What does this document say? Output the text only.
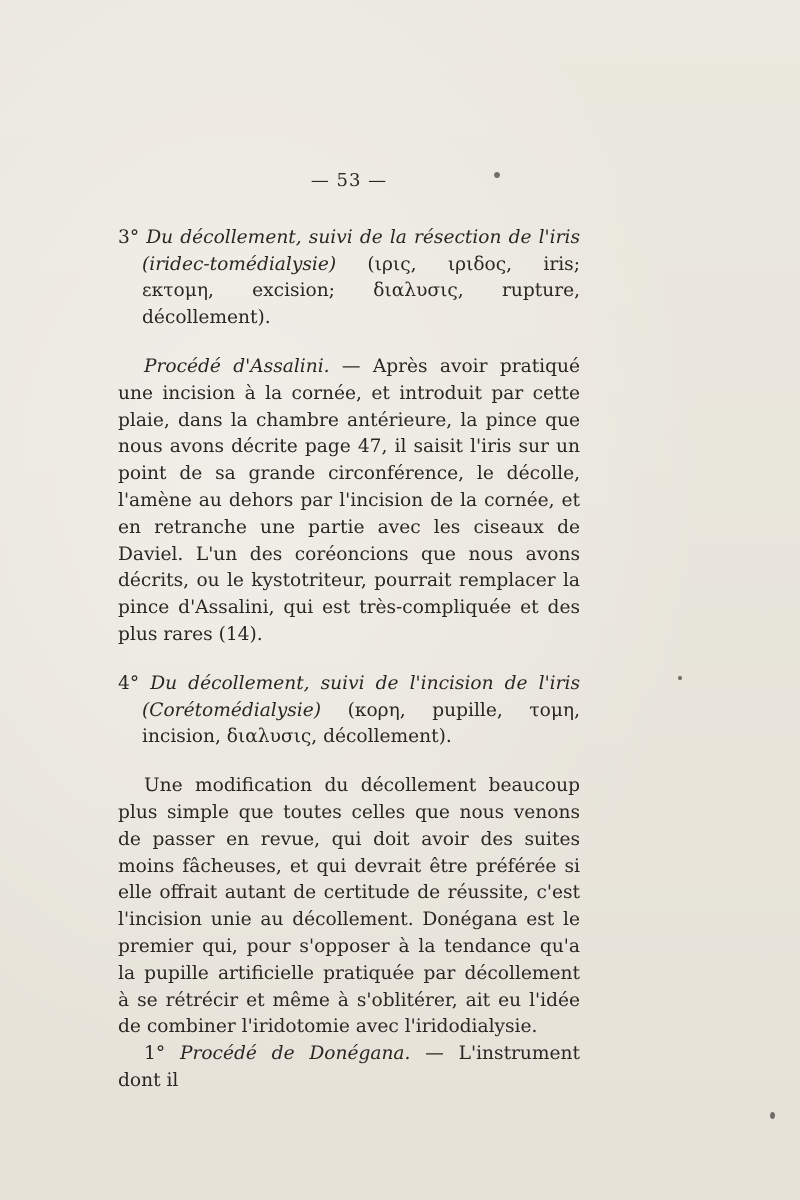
— 53 —

3° Du décollement, suivi de la résection de l'iris (iridec-tomédialysie) (ιρις, ιριδος, iris; εκτομη, excision; διαλυσις, rupture, décollement).

Procédé d'Assalini. — Après avoir pratiqué une incision à la cornée, et introduit par cette plaie, dans la chambre antérieure, la pince que nous avons décrite page 47, il saisit l'iris sur un point de sa grande circonférence, le décolle, l'amène au dehors par l'incision de la cornée, et en retranche une partie avec les ciseaux de Daviel. L'un des coréoncions que nous avons décrits, ou le kystotriteur, pourrait remplacer la pince d'Assalini, qui est très-compliquée et des plus rares (14).

4° Du décollement, suivi de l'incision de l'iris (Corétomédialysie) (κορη, pupille, τομη, incision, διαλυσις, décollement).

Une modification du décollement beaucoup plus simple que toutes celles que nous venons de passer en revue, qui doit avoir des suites moins fâcheuses, et qui devrait être préférée si elle offrait autant de certitude de réussite, c'est l'incision unie au décollement. Donégana est le premier qui, pour s'opposer à la tendance qu'a la pupille artificielle pratiquée par décollement à se rétrécir et même à s'oblitérer, ait eu l'idée de combiner l'iridotomie avec l'iridodialysie.

1° Procédé de Donégana. — L'instrument dont il
